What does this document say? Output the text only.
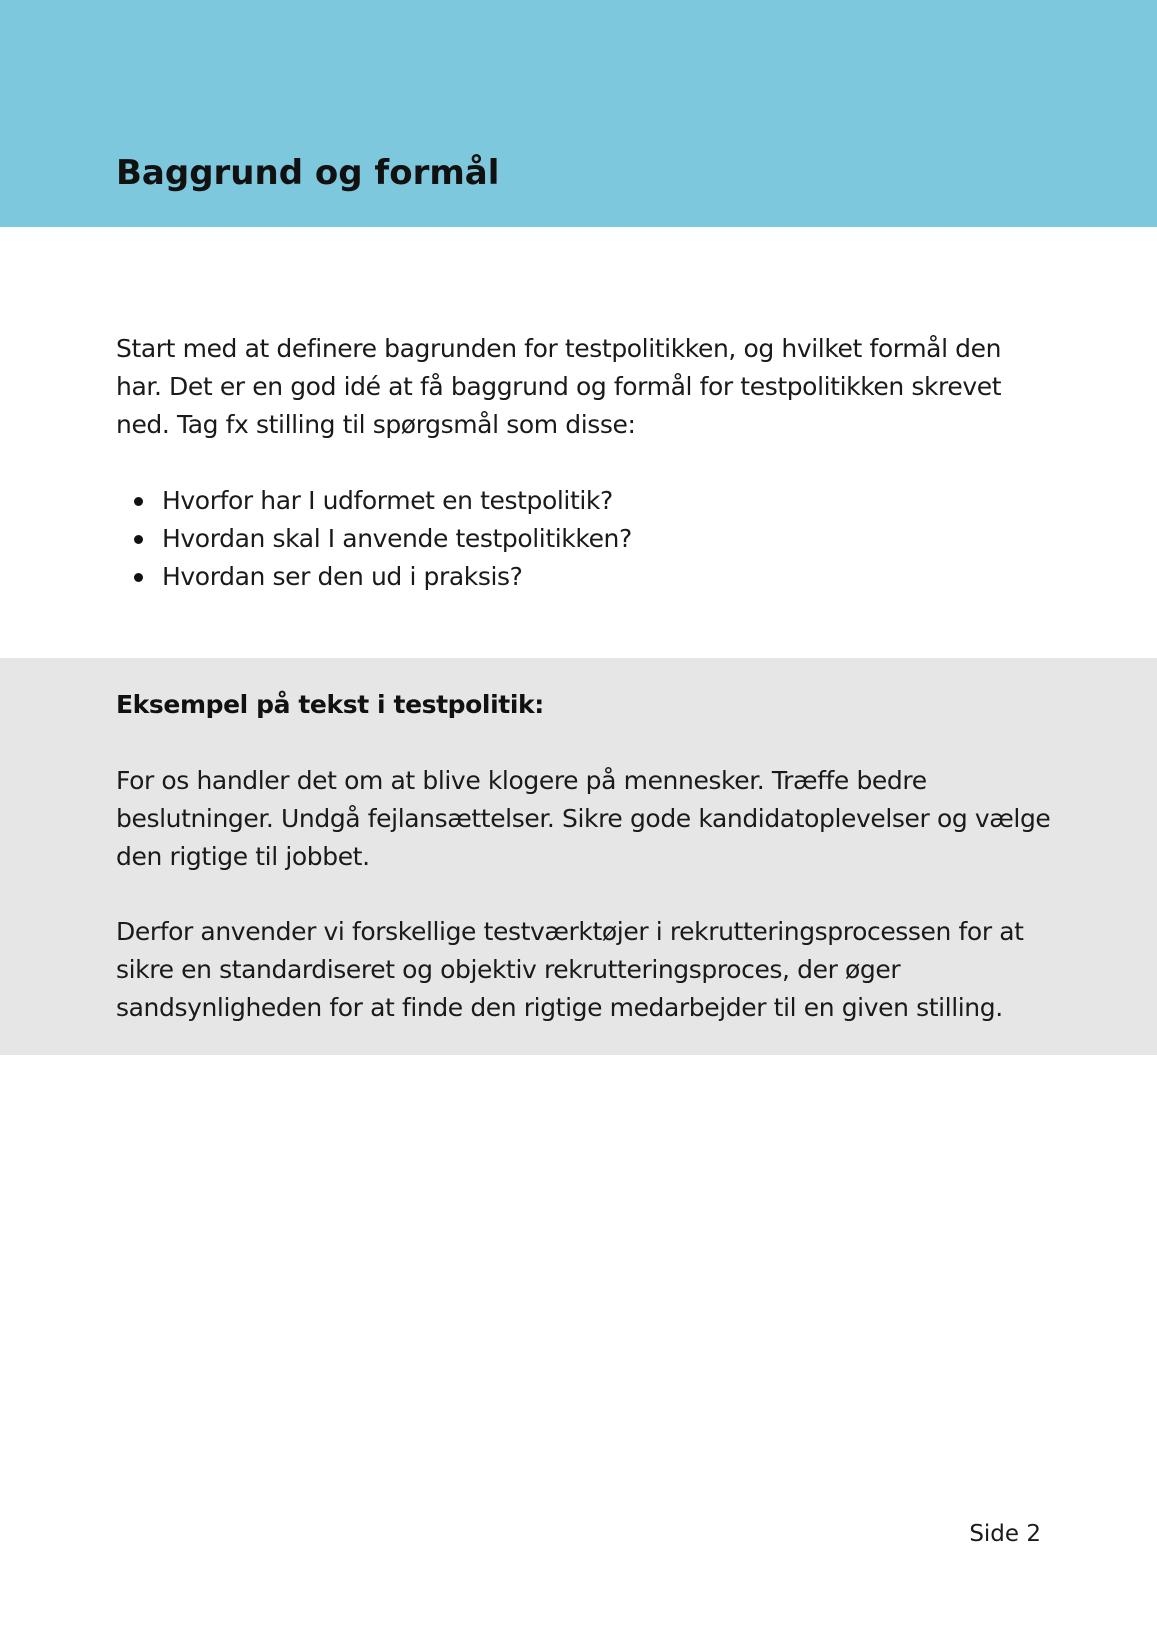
Baggrund og formål

Start med at definere bagrunden for testpolitikken, og hvilket formål den har. Det er en god idé at få baggrund og formål for testpolitikken skrevet ned. Tag fx stilling til spørgsmål som disse:

Hvorfor har I udformet en testpolitik?
Hvordan skal I anvende testpolitikken?
Hvordan ser den ud i praksis?
Eksempel på tekst i testpolitik:

For os handler det om at blive klogere på mennesker. Træffe bedre beslutninger. Undgå fejlansættelser. Sikre gode kandidatoplevelser og vælge den rigtige til jobbet.

Derfor anvender vi forskellige testværktøjer i rekrutteringsprocessen for at sikre en standardiseret og objektiv rekrutteringsproces, der øger sandsynligheden for at finde den rigtige medarbejder til en given stilling.

Side 2
